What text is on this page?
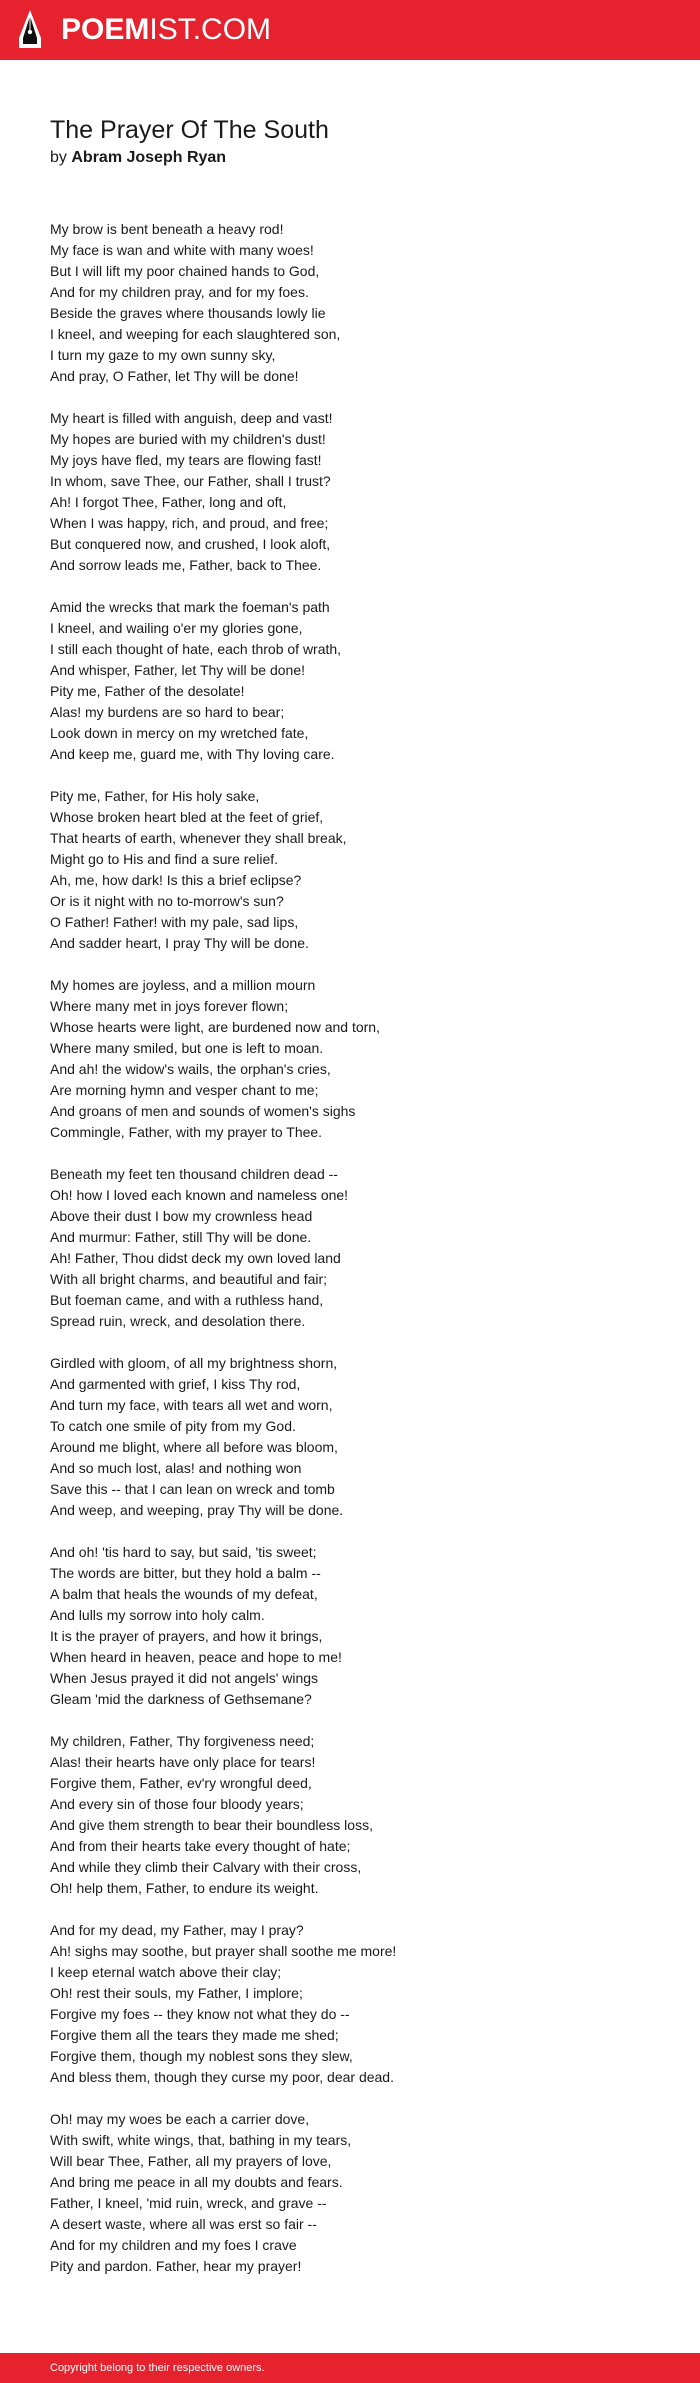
POEMIST.COM
The Prayer Of The South
by Abram Joseph Ryan
My brow is bent beneath a heavy rod!
My face is wan and white with many woes!
But I will lift my poor chained hands to God,
And for my children pray, and for my foes.
Beside the graves where thousands lowly lie
I kneel, and weeping for each slaughtered son,
I turn my gaze to my own sunny sky,
And pray, O Father, let Thy will be done!
My heart is filled with anguish, deep and vast!
My hopes are buried with my children's dust!
My joys have fled, my tears are flowing fast!
In whom, save Thee, our Father, shall I trust?
Ah! I forgot Thee, Father, long and oft,
When I was happy, rich, and proud, and free;
But conquered now, and crushed, I look aloft,
And sorrow leads me, Father, back to Thee.
Amid the wrecks that mark the foeman's path
I kneel, and wailing o'er my glories gone,
I still each thought of hate, each throb of wrath,
And whisper, Father, let Thy will be done!
Pity me, Father of the desolate!
Alas! my burdens are so hard to bear;
Look down in mercy on my wretched fate,
And keep me, guard me, with Thy loving care.
Pity me, Father, for His holy sake,
Whose broken heart bled at the feet of grief,
That hearts of earth, whenever they shall break,
Might go to His and find a sure relief.
Ah, me, how dark! Is this a brief eclipse?
Or is it night with no to-morrow's sun?
O Father! Father! with my pale, sad lips,
And sadder heart, I pray Thy will be done.
My homes are joyless, and a million mourn
Where many met in joys forever flown;
Whose hearts were light, are burdened now and torn,
Where many smiled, but one is left to moan.
And ah! the widow's wails, the orphan's cries,
Are morning hymn and vesper chant to me;
And groans of men and sounds of women's sighs
Commingle, Father, with my prayer to Thee.
Beneath my feet ten thousand children dead --
Oh! how I loved each known and nameless one!
Above their dust I bow my crownless head
And murmur: Father, still Thy will be done.
Ah! Father, Thou didst deck my own loved land
With all bright charms, and beautiful and fair;
But foeman came, and with a ruthless hand,
Spread ruin, wreck, and desolation there.
Girdled with gloom, of all my brightness shorn,
And garmented with grief, I kiss Thy rod,
And turn my face, with tears all wet and worn,
To catch one smile of pity from my God.
Around me blight, where all before was bloom,
And so much lost, alas! and nothing won
Save this -- that I can lean on wreck and tomb
And weep, and weeping, pray Thy will be done.
And oh! 'tis hard to say, but said, 'tis sweet;
The words are bitter, but they hold a balm --
A balm that heals the wounds of my defeat,
And lulls my sorrow into holy calm.
It is the prayer of prayers, and how it brings,
When heard in heaven, peace and hope to me!
When Jesus prayed it did not angels' wings
Gleam 'mid the darkness of Gethsemane?
My children, Father, Thy forgiveness need;
Alas! their hearts have only place for tears!
Forgive them, Father, ev'ry wrongful deed,
And every sin of those four bloody years;
And give them strength to bear their boundless loss,
And from their hearts take every thought of hate;
And while they climb their Calvary with their cross,
Oh! help them, Father, to endure its weight.
And for my dead, my Father, may I pray?
Ah! sighs may soothe, but prayer shall soothe me more!
I keep eternal watch above their clay;
Oh! rest their souls, my Father, I implore;
Forgive my foes -- they know not what they do --
Forgive them all the tears they made me shed;
Forgive them, though my noblest sons they slew,
And bless them, though they curse my poor, dear dead.
Oh! may my woes be each a carrier dove,
With swift, white wings, that, bathing in my tears,
Will bear Thee, Father, all my prayers of love,
And bring me peace in all my doubts and fears.
Father, I kneel, 'mid ruin, wreck, and grave --
A desert waste, where all was erst so fair --
And for my children and my foes I crave
Pity and pardon. Father, hear my prayer!
Copyright belong to their respective owners.
